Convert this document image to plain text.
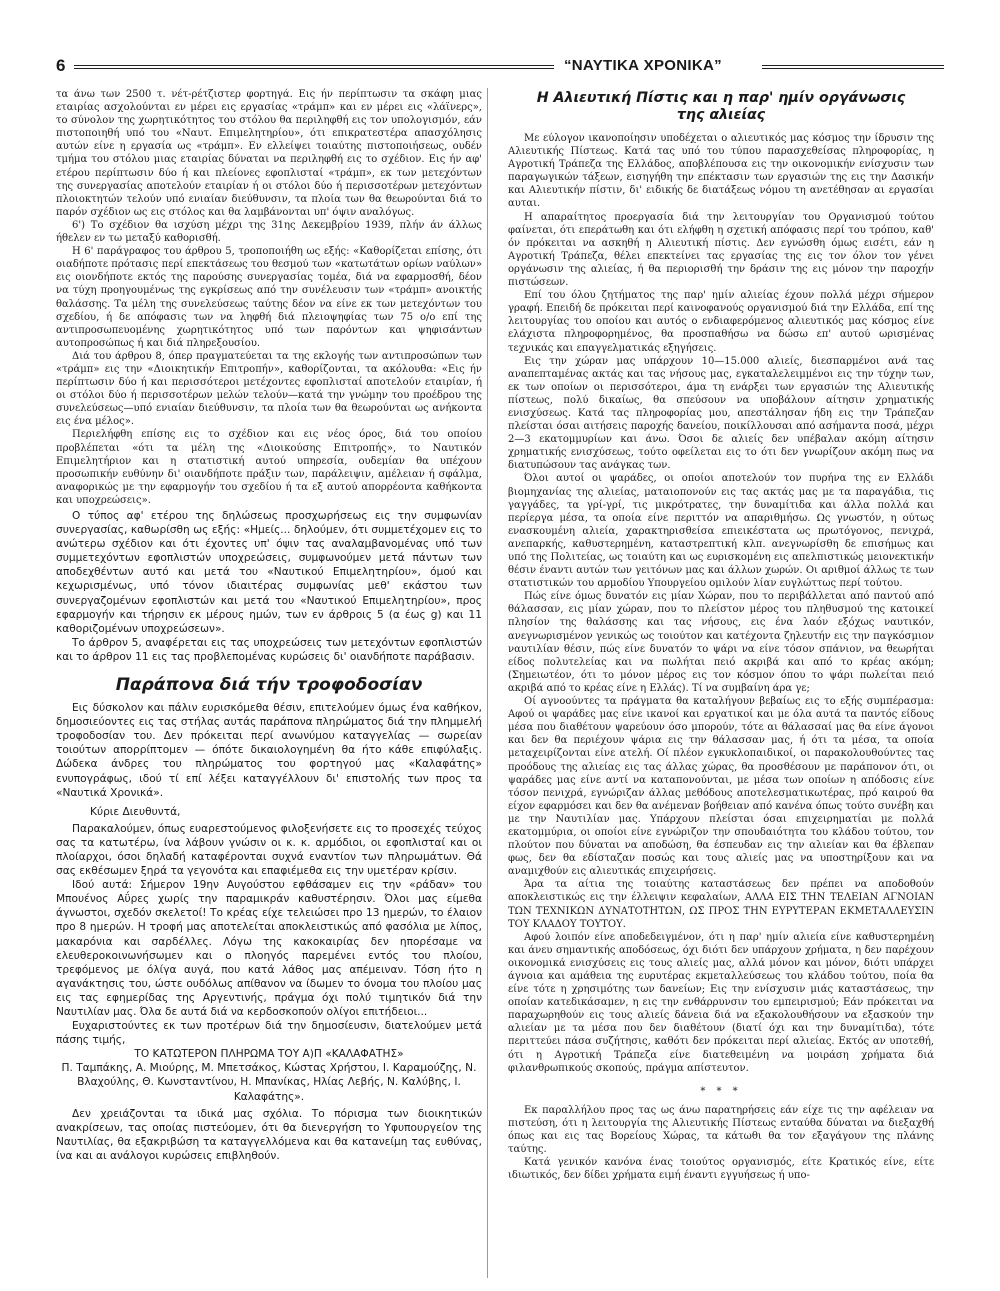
6	“ΝΑΥΤΙΚΑ ΧΡΟΝΙΚΑ”

τα άνω των 2500 τ. νέτ-ρέτζιστερ φορτηγά. Εις ήν περίπτωσιν τα σκάφη μιας εταιρίας ασχολούνται εν μέρει εις εργασίας «τράμπ» και εν μέρει εις «λάϊνερς», το σύνολον της χωρητικότητος του στόλου θα περιληφθή εις τον υπολογισμόν, εάν πιστοποιηθή υπό του «Ναυτ. Επιμελητηρίου», ότι επικρατεστέρα απασχόλησις αυτών είνε η εργασία ως «τράμπ». Εν ελλείψει τοιαύτης πιστοποιήσεως, ουδέν τμήμα του στόλου μιας εταιρίας δύναται να περιληφθή εις το σχέδιον. Εις ήν αφ' ετέρου περίπτωσιν δύο ή και πλείονες εφοπλισταί «τράμπ», εκ των μετεχόντων της συνεργασίας αποτελούν εταιρίαν ή οι στόλοι δύο ή περισσοτέρων μετεχόντων πλοιοκτητών τελούν υπό ενιαίαν διεύθυνσιν, τα πλοία των θα θεωρούνται διά το παρόν σχέδιον ως εις στόλος και θα λαμβάνονται υπ' όψιν αναλόγως.

6') Το σχέδιον θα ισχύση μέχρι της 31ης Δεκεμβρίου 1939, πλήν άν άλλως ήθελεν εν τω μεταξύ καθορισθή.

Η 6' παράγραφος του άρθρου 5, τροποποιήθη ως εξής: «Καθορίζεται επίσης, ότι οιαδήποτε πρότασις περί επεκτάσεως του θεσμού των «κατωτάτων ορίων ναύλων» εις οιονδήποτε εκτός της παρούσης συνεργασίας τομέα, διά να εφαρμοσθή, δέον να τύχη προηγουμένως της εγκρίσεως από την συνέλευσιν των «τράμπ» ανοικτής θαλάσσης. Τα μέλη της συνελεύσεως ταύτης δέον να είνε εκ των μετεχόντων του σχεδίου, ή δε απόφασις των να ληφθή διά πλειοψηφίας των 75 ο/ο επί της αντιπροσωπευομένης χωρητικότητος υπό των παρόντων και ψηφισάντων αυτοπροσώπως ή και διά πληρεξουσίου.

Διά του άρθρου 8, όπερ πραγματεύεται τα της εκλογής των αντιπροσώπων των «τράμπ» εις την «Διοικητικήν Επιτροπήν», καθορίζονται, τα ακόλουθα: «Εις ήν περίπτωσιν δύο ή και περισσότεροι μετέχοντες εφοπλισταί αποτελούν εταιρίαν, ή οι στόλοι δύο ή περισσοτέρων μελών τελούν—κατά την γνώμην του προέδρου της συνελεύσεως—υπό ενιαίαν διεύθυνσιν, τα πλοία των θα θεωρούνται ως ανήκοντα εις ένα μέλος».

Περιελήφθη επίσης εις το σχέδιον και εις νέος όρος, διά του οποίου προβλέπεται «ότι τα μέλη της «Διοικούσης Επιτροπής», το Ναυτικόν Επιμελητήριον και η στατιστική αυτού υπηρεσία, ουδεμίαν θα υπέχουν προσωπικήν ευθύνην δι' οιανδήποτε πράξιν των, παράλειψιν, αμέλειαν ή σφάλμα, αναφορικώς με την εφαρμογήν του σχεδίου ή τα εξ αυτού απορρέοντα καθήκοντα και υποχρεώσεις».

Ο τύπος αφ' ετέρου της δηλώσεως προσχωρήσεως εις την συμφωνίαν συνεργασίας, καθωρίσθη ως εξής: «Ημείς... δηλούμεν, ότι συμμετέχομεν εις το ανώτερω σχέδιον και ότι έχοντες υπ' όψιν τας αναλαμβανομένας υπό των συμμετεχόντων εφοπλιστών υποχρεώσεις, συμφωνούμεν μετά πάντων των αποδεχθέντων αυτό και μετά του «Ναυτικού Επιμελητηρίου», όμού και κεχωρισμένως, υπό τόνον ιδιαιτέρας συμφωνίας μεθ' εκάστου των συνεργαζομένων εφοπλιστών και μετά του «Ναυτικού Επιμελητηρίου», προς εφαρμογήν και τήρησιν εκ μέρους ημών, των εν άρθροις 5 (α έως g) και 11 καθοριζομένων υποχρεώσεων».

Το άρθρον 5, αναφέρεται εις τας υποχρεώσεις των μετεχόντων εφοπλιστών και το άρθρον 11 εις τας προβλεπομένας κυρώσεις δι' οιανδήποτε παράβασιν.

Παράπονα διά τήν τροφοδοσίαν

Εις δύσκολον και πάλιν ευρισκόμεθα θέσιν, επιτελούμεν όμως ένα καθήκον, δημοσιεύοντες εις τας στήλας αυτάς παράπονα πληρώματος διά την πλημμελή τροφοδοσίαν του. Δεν πρόκειται περί ανωνύμου καταγγελίας — σωρείαν τοιούτων απορρίπτομεν — όπότε δικαιολογημένη θα ήτο κάθε επιφύλαξις. Δώδεκα άνδρες του πληρώματος του φορτηγού μας «Καλαφάτης» ενυπογράφως, ιδού τί επί λέξει καταγγέλλουν δι' επιστολής των προς τα «Ναυτικά Χρονικά».

Κύριε Διευθυντά,

Παρακαλούμεν, όπως ευαρεστούμενος φιλοξενήσετε εις το προσεχές τεύχος σας τα κατωτέρω, ίνα λάβουν γνώσιν οι κ. κ. αρμόδιοι, οι εφοπλισταί και οι πλοίαρχοι, όσοι δηλαδή καταφέρονται συχνά εναντίον των πληρωμάτων. Θά σας εκθέσωμεν ξηρά τα γεγονότα και επαφιέμεθα εις την υμετέραν κρίσιν.

Ιδού αυτά: Σήμερον 19ην Αυγούστου εφθάσαμεν εις την «ράδαν» του Μπουένος Αΰρες χωρίς την παραμικράν καθυστέρησιν. Όλοι μας είμεθα άγνωστοι, σχεδόν σκελετοί! Το κρέας είχε τελειώσει προ 13 ημερών, το έλαιον προ 8 ημερών. Η τροφή μας αποτελείται αποκλειστικώς από φασόλια με λίπος, μακαρόνια και σαρδέλλες. Λόγω της κακοκαιρίας δεν ηπορέσαμε να ελευθεροκοινωνήσωμεν και ο πλοηγός παρεμένει εντός του πλοίου, τρεφόμενος με όλίγα αυγά, που κατά λάθος μας απέμειναν. Τόση ήτο η αγανάκτησις του, ώστε ουδόλως απίθανον να ίδωμεν το όνομα του πλοίου μας εις τας εφημερίδας της Αργεντινής, πράγμα όχι πολύ τιμητικόν διά την Ναυτιλίαν μας. Όλα δε αυτά διά να κερδοσκοπούν ολίγοι επιτήδειοι...

Ευχαριστούντες εκ των προτέρων διά την δημοσίευσιν, διατελούμεν μετά πάσης τιμής,

ΤΟ ΚΑΤΩΤΕΡΟΝ ΠΛΗΡΩΜΑ ΤΟΥ Α)Π «ΚΑΛΑΦΑΤΗΣ»

Π. Ταμπάκης, Α. Μιούρης, Μ. Μπετσάκος, Κώστας Χρήστου, Ι. Καραμούζης, Ν. Βλαχούλης, Θ. Κωνσταντίνου, Η. Μπανίκας, Ηλίας Λεβής, Ν. Καλύβης, Ι. Καλαφάτης».

Δεν χρειάζονται τα ιδικά μας σχόλια. Το πόρισμα των διοικητικών ανακρίσεων, τας οποίας πιστεύομεν, ότι θα διενεργήση το Υφυπουργείον της Ναυτιλίας, θα εξακριβώση τα καταγγελλόμενα και θα κατανείμη τας ευθύνας, ίνα και αι ανάλογοι κυρώσεις επιβληθούν.

Η Αλιευτική Πίστις και η παρ' ημίν οργάνωσις της αλιείας

Με εύλογον ικανοποίησιν υποδέχεται ο αλιευτικός μας κόσμος την ίδρυσιν της Αλιευτικής Πίστεως. Κατά τας υπό του τύπου παρασχεθείσας πληροφορίας, η Αγροτική Τράπεζα της Ελλάδος, αποβλέπουσα εις την οικονομικήν ενίσχυσιν των παραγωγικών τάξεων, εισηγήθη την επέκτασιν των εργασιών της εις την Δασικήν και Αλιευτικήν πίστιν, δι' ειδικής δε διατάξεως νόμου τη ανετέθησαν αι εργασίαι αυται.

Η απαραίτητος προεργασία διά την λειτουργίαν του Οργανισμού τούτου φαίνεται, ότι επεράτωθη και ότι ελήφθη η σχετική απόφασις περί του τρόπου, καθ' όν πρόκειται να ασκηθή η Αλιευτική πίστις. Δεν εγνώσθη όμως εισέτι, εάν η Αγροτική Τράπεζα, θέλει επεκτείνει τας εργασίας της εις τον όλον τον γένει οργάνωσιν της αλιείας, ή θα περιορισθή την δράσιν της εις μόνον την παροχήν πιστώσεων.

Επί του όλου ζητήματος της παρ' ημίν αλιείας έχουν πολλά μέχρι σήμερον γραφή. Επειδή δε πρόκειται περί καινοφανούς οργανισμού διά την Ελλάδα, επί της λειτουργίας του οποίου και αυτός ο ενδιαφερόμενος αλιευτικός μας κόσμος είνε ελάχιστα πληροφορημένος, θα προσπαθήσω να δώσω επ' αυτού ωρισμένας τεχνικάς και επαγγελματικάς εξηγήσεις.

Εις την χώραν μας υπάρχουν 10—15.000 αλιείς, διεσπαρμένοι ανά τας αναπεπταμένας ακτάς και τας νήσους μας, εγκαταλελειμμένοι εις την τύχην των, εκ των οποίων οι περισσότεροι, άμα τη ενάρξει των εργασιών της Αλιευτικής πίστεως, πολύ δικαίως, θα σπεύσουν να υποβάλουν αίτησιν χρηματικής ενισχύσεως. Κατά τας πληροφορίας μου, απεστάλησαν ήδη εις την Τράπεζαν πλείσται όσαι αιτήσεις παροχής δανείου, ποικίλλουσαι από ασήμαντα ποσά, μέχρι 2—3 εκατομμυρίων και άνω. Όσοι δε αλιείς δεν υπέβαλαν ακόμη αίτησιν χρηματικής ενισχύσεως, τούτο οφείλεται εις το ότι δεν γνωρίζουν ακόμη πως να διατυπώσουν τας ανάγκας των.

Όλοι αυτοί οι ψαράδες, οι οποίοι αποτελούν τον πυρήνα της εν Ελλάδι βιομηχανίας της αλιείας, ματαιοπονούν εις τας ακτάς μας με τα παραγάδια, τις γαγγάδες, τα γρί-γρί, τις μικρότρατες, την δυναμίτιδα και άλλα πολλά και περίεργα μέσα, τα οποία είνε περιττόν να απαριθμήσω. Ως γνωστόν, η ούτως ενασκουμένη αλιεία, χαρακτηρισθείσα επιεικέστατα ως πρωτόγονος, πενιχρά, ανεπαρκής, καθυστερημένη, καταστρεπτική κλπ. ανεγνωρίσθη δε επισήμως και υπό της Πολιτείας, ως τοιαύτη και ως ευρισκομένη εις απελπιστικώς μειονεκτικήν θέσιν έναντι αυτών των γειτόνων μας και άλλων χωρών. Οι αριθμοί άλλως τε των στατιστικών του αρμοδίου Υπουργείου ομιλούν λίαν ευγλώττως περί τούτου.

Πώς είνε όμως δυνατόν εις μίαν Χώραν, που το περιβάλλεται από παντού από θάλασσαν, εις μίαν χώραν, που το πλείστον μέρος του πληθυσμού της κατοικεί πλησίον της θαλάσσης και τας νήσους, εις ένα λαόν εξόχως ναυτικόν, ανεγνωρισμένον γενικώς ως τοιούτον και κατέχοντα ζηλευτήν εις την παγκόσμιον ναυτιλίαν θέσιν, πώς είνε δυνατόν το ψάρι να είνε τόσον σπάνιον, να θεωρήται είδος πολυτελείας και να πωλήται πειό ακριβά και από το κρέας ακόμη; (Σημειωτέον, ότι το μόνον μέρος εις τον κόσμον όπου το ψάρι πωλείται πειό ακριβά από το κρέας είνε η Ελλάς). Τί να συμβαίνη άρα γε;

Οί αγνοούντες τα πράγματα θα καταλήγουν βεβαίως εις το εξής συμπέρασμα: Αφού οι ψαράδες μας είνε ικανοί και εργατικοί και με όλα αυτά τα παντός είδους μέσα που διαθέτουν ψαρεύουν όσο μπορούν, τότε αι θάλασσαί μας θα είνε άγονοι και δεν θα περιέχουν ψάρια εις την θάλασσαν μας, ή ότι τα μέσα, τα οποία μεταχειρίζονται είνε ατελή. Οί πλέον εγκυκλοπαιδικοί, οι παρακολουθούντες τας προόδους της αλιείας εις τας άλλας χώρας, θα προσθέσουν με παράπονον ότι, οι ψαράδες μας είνε αντί να καταπονούνται, με μέσα των οποίων η απόδοσις είνε τόσον πενιχρά, εγνώριζαν άλλας μεθόδους αποτελεσματικωτέρας, πρό καιρού θα είχον εφαρμόσει και δεν θα ανέμεναν βοήθειαν από κανένα όπως τούτο συνέβη και με την Ναυτιλίαν μας. Υπάρχουν πλείσται όσαι επιχειρηματίαι με πολλά εκατομμύρια, οι οποίοι είνε εγνώριζον την σπουδαιότητα του κλάδου τούτου, τον πλούτον που δύναται να αποδώση, θα έσπευδαν εις την αλιείαν και θα έβλεπαν φως, δεν θα εδίσταζαν ποσώς και τους αλιείς μας να υποστηρίξουν και να αναμιχθούν εις αλιευτικάς επιχειρήσεις.

Άρα τα αίτια της τοιαύτης καταστάσεως δεν πρέπει να αποδοθούν αποκλειστικώς εις την έλλειψιν κεφαλαίων, ΑΛΛΑ ΕΙΣ ΤΗΝ ΤΕΛΕΙΑΝ ΑΓΝΟΙΑΝ ΤΩΝ ΤΕΧΝΙΚΩΝ ΔΥΝΑΤΟΤΗΤΩΝ, ΩΣ ΠΡΟΣ ΤΗΝ ΕΥΡΥΤΕΡΑΝ ΕΚΜΕΤΑΛΛΕΥΣΙΝ ΤΟΥ ΚΛΑΔΟΥ ΤΟΥΤΟΥ.

Αφού λοιπόν είνε αποδεδειγμένον, ότι η παρ' ημίν αλιεία είνε καθυστερημένη και άνευ σημαντικής αποδόσεως, όχι διότι δεν υπάρχουν χρήματα, η δεν παρέχουν οικονομικά ενισχύσεις εις τους αλιείς μας, αλλά μόνον και μόνον, διότι υπάρχει άγνοια και αμάθεια της ευρυτέρας εκμεταλλεύσεως του κλάδου τούτου, ποία θα είνε τότε η χρησιμότης των δανείων; Εις την ενίσχυσιν μιάς καταστάσεως, την οποίαν κατεδικάσαμεν, η εις την ενθάρρυνσιν του εμπειρισμού; Εάν πρόκειται να παραχωρηθούν εις τους αλιείς δάνεια διά να εξακολουθήσουν να εξασκούν την αλιείαν με τα μέσα που δεν διαθέτουν (διατί όχι και την δυναμίτιδα), τότε περιττεύει πάσα συζήτησις, καθότι δεν πρόκειται περί αλιείας. Εκτός αν υποτεθή, ότι η Αγροτική Τράπεζα είνε διατεθειμένη να μοιράση χρήματα διά φιλανθρωπικούς σκοπούς, πράγμα απίστευτον.

* * *

Εκ παραλλήλου προς τας ως άνω παρατηρήσεις εάν είχε τις την αφέλειαν να πιστεύση, ότι η λειτουργία της Αλιευτικής Πίστεως ενταύθα δύναται να διεξαχθή όπως και εις τας Βορείους Χώρας, τα κάτωθι θα τον εξαγάγουν της πλάνης ταύτης.

Κατά γενικόν κανόνα ένας τοιούτος οργανισμός, είτε Κρατικός είνε, είτε ιδιωτικός, δεν δίδει χρήματα ειμή έναντι εγγυήσεως ή υπο-
